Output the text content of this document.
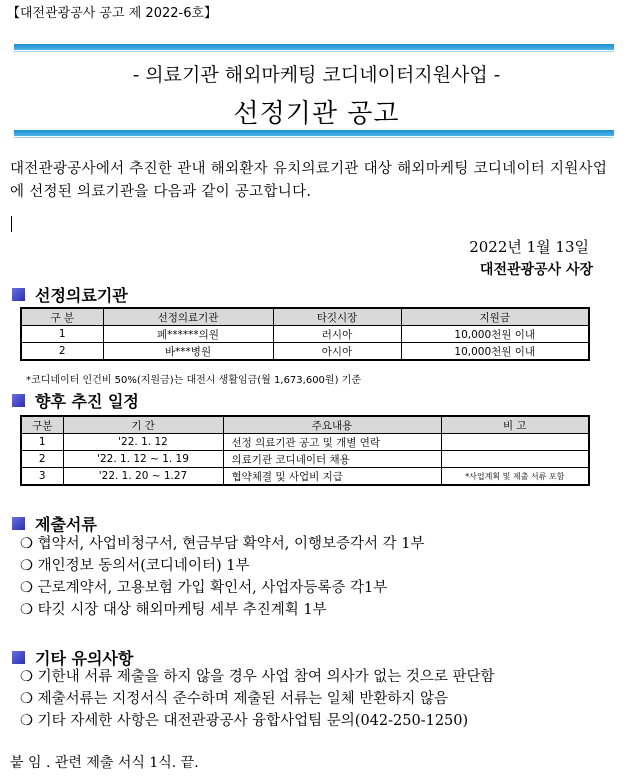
【대전관광공사 공고 제 2022-6호】
- 의료기관 해외마케팅 코디네이터지원사업 -
선정기관 공고
대전관광공사에서 추진한 관내 해외환자 유치의료기관 대상 해외마케팅 코디네이터 지원사업에 선정된 의료기관을 다음과 같이 공고합니다.
2022년 1월 13일
대전관광공사 사장
선정의료기관
구 분	선정의료기관	타깃시장	지원금
1	페******의원	러시아	10,000천원 이내
2	바***병원	아시아	10,000천원 이내
*코디네이터 인건비 50%(지원금)는 대전시 생활임금(월 1,673,600원) 기준
향후 추진 일정
구분	기 간	주요내용	비 고
1	'22. 1. 12	선정 의료기관 공고 및 개별 연락	
2	'22. 1. 12 ~ 1. 19	의료기관 코디네이터 채용	
3	'22. 1. 20 ~ 1.27	협약체결 및 사업비 지급	*사업계획 및 제출 서류 포함
제출서류
❍ 협약서, 사업비청구서, 현금부담 확약서, 이행보증각서 각 1부
❍ 개인정보 동의서(코디네이터) 1부
❍ 근로계약서, 고용보험 가입 확인서, 사업자등록증 각1부
❍ 타깃 시장 대상 해외마케팅 세부 추진계획 1부
기타 유의사항
❍ 기한내 서류 제출을 하지 않을 경우 사업 참여 의사가 없는 것으로 판단함
❍ 제출서류는 지정서식 준수하며 제출된 서류는 일체 반환하지 않음
❍ 기타 자세한 사항은 대전관광공사 융합사업팀 문의(042-250-1250)
붙 임 . 관련 제출 서식 1식. 끝.
